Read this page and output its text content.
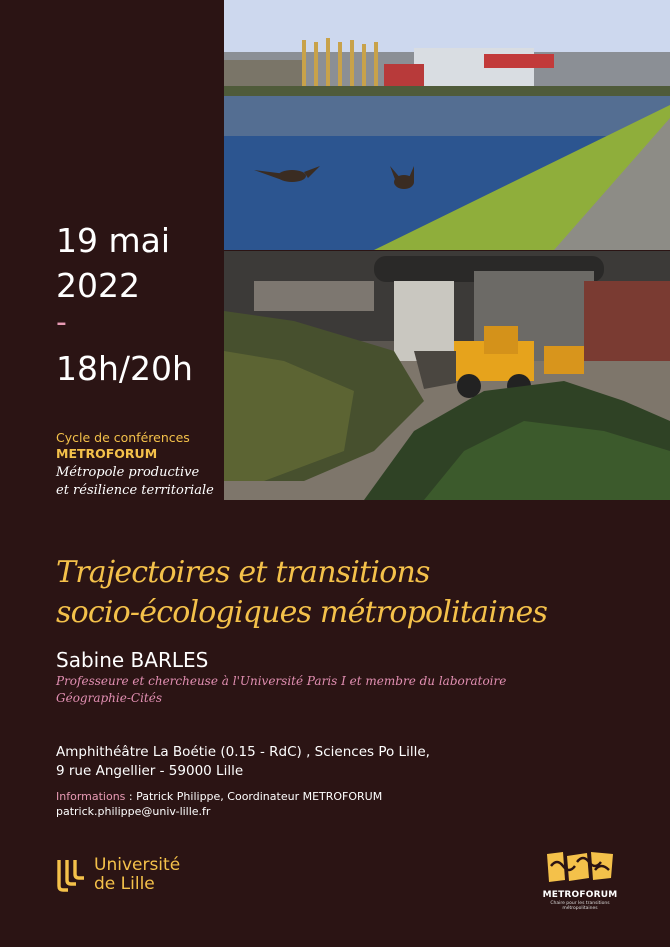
19 mai
2022
-
18h/20h
Cycle de conférences
METROFORUM
Métropole productive
et résilience territoriale
Trajectoires et transitions
socio-écologiques métropolitaines
Sabine BARLES
Professeure et chercheuse à l'Université Paris I et membre du laboratoire
Géographie-Cités
Amphithéâtre La Boétie (0.15 - RdC) , Sciences Po Lille,
9 rue Angellier - 59000 Lille
Informations : Patrick Philippe, Coordinateur METROFORUM
patrick.philippe@univ-lille.fr
Université
de Lille
METROFORUM
Chaire pour les transitions métropolitaines
